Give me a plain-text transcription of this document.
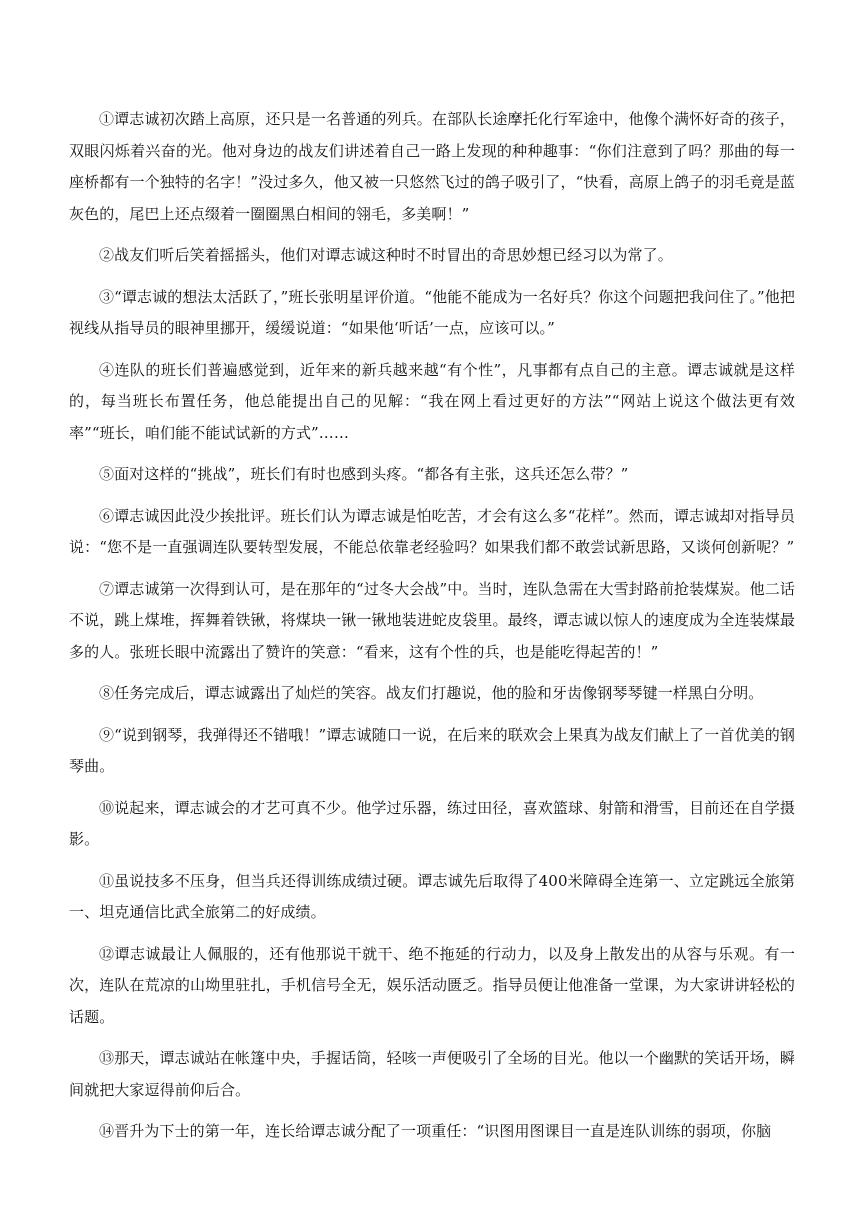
①谭志诚初次踏上高原，还只是一名普通的列兵。在部队长途摩托化行军途中，他像个满怀好奇的孩子，双眼闪烁着兴奋的光。他对身边的战友们讲述着自己一路上发现的种种趣事：“你们注意到了吗？那曲的每一座桥都有一个独特的名字！”没过多久，他又被一只悠然飞过的鸽子吸引了，“快看，高原上鸽子的羽毛竟是蓝灰色的，尾巴上还点缀着一圈圈黑白相间的翎毛，多美啊！”

②战友们听后笑着摇摇头，他们对谭志诚这种时不时冒出的奇思妙想已经习以为常了。

③“谭志诚的想法太活跃了，”班长张明星评价道。“他能不能成为一名好兵？你这个问题把我问住了。”他把视线从指导员的眼神里挪开，缓缓说道：“如果他‘听话’一点，应该可以。”

④连队的班长们普遍感觉到，近年来的新兵越来越“有个性”，凡事都有点自己的主意。谭志诚就是这样的，每当班长布置任务，他总能提出自己的见解：“我在网上看过更好的方法”“网站上说这个做法更有效率”“班长，咱们能不能试试新的方式”……

⑤面对这样的“挑战”，班长们有时也感到头疼。“都各有主张，这兵还怎么带？”

⑥谭志诚因此没少挨批评。班长们认为谭志诚是怕吃苦，才会有这么多“花样”。然而，谭志诚却对指导员说：“您不是一直强调连队要转型发展，不能总依靠老经验吗？如果我们都不敢尝试新思路，又谈何创新呢？”

⑦谭志诚第一次得到认可，是在那年的“过冬大会战”中。当时，连队急需在大雪封路前抢装煤炭。他二话不说，跳上煤堆，挥舞着铁锹，将煤块一锹一锹地装进蛇皮袋里。最终，谭志诚以惊人的速度成为全连装煤最多的人。张班长眼中流露出了赞许的笑意：“看来，这有个性的兵，也是能吃得起苦的！”

⑧任务完成后，谭志诚露出了灿烂的笑容。战友们打趣说，他的脸和牙齿像钢琴琴键一样黑白分明。

⑨“说到钢琴，我弹得还不错哦！”谭志诚随口一说，在后来的联欢会上果真为战友们献上了一首优美的钢琴曲。

⑩说起来，谭志诚会的才艺可真不少。他学过乐器，练过田径，喜欢篮球、射箭和滑雪，目前还在自学摄影。

⑪虽说技多不压身，但当兵还得训练成绩过硬。谭志诚先后取得了400米障碍全连第一、立定跳远全旅第一、坦克通信比武全旅第二的好成绩。

⑫谭志诚最让人佩服的，还有他那说干就干、绝不拖延的行动力，以及身上散发出的从容与乐观。有一次，连队在荒凉的山坳里驻扎，手机信号全无，娱乐活动匮乏。指导员便让他准备一堂课，为大家讲讲轻松的话题。

⑬那天，谭志诚站在帐篷中央，手握话筒，轻咳一声便吸引了全场的目光。他以一个幽默的笑话开场，瞬间就把大家逗得前仰后合。

⑭晋升为下士的第一年，连长给谭志诚分配了一项重任：“识图用图课目一直是连队训练的弱项，你脑
